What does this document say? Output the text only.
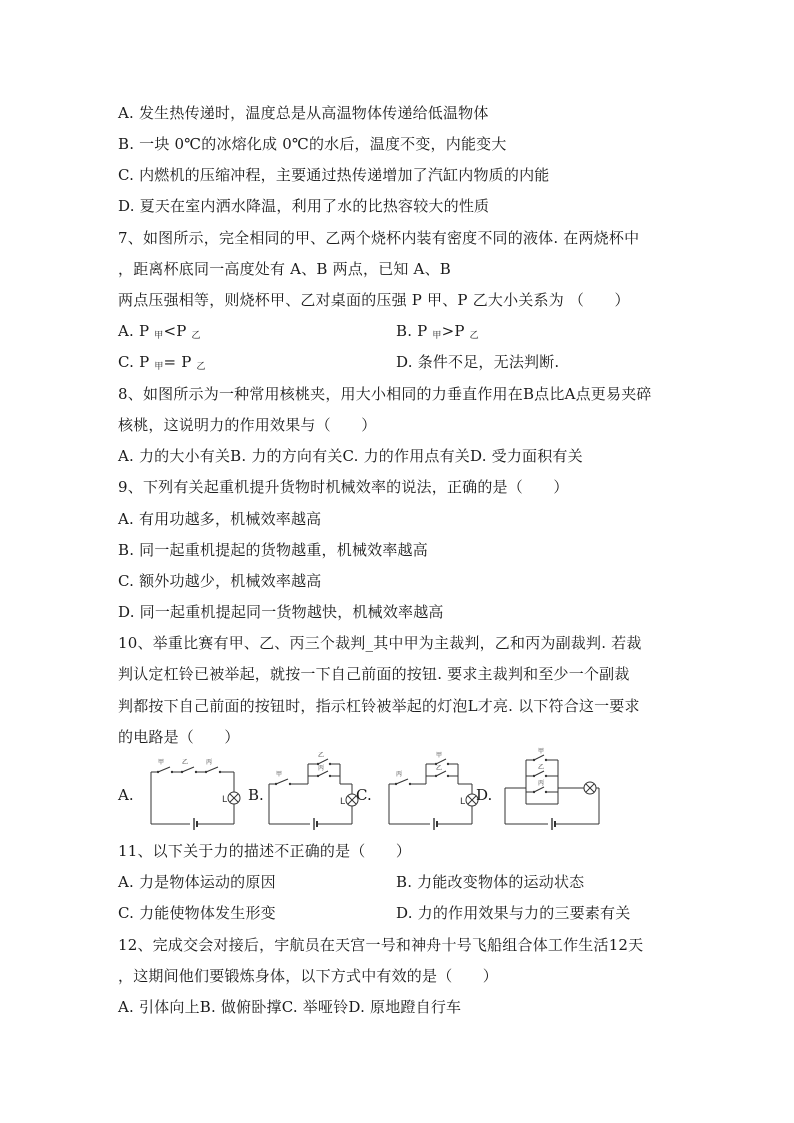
A. 发生热传递时，温度总是从高温物体传递给低温物体
B. 一块 0℃的冰熔化成 0℃的水后，温度不变，内能变大
C. 内燃机的压缩冲程，主要通过热传递增加了汽缸内物质的内能
D. 夏天在室内洒水降温，利用了水的比热容较大的性质
7、如图所示，完全相同的甲、乙两个烧杯内装有密度不同的液体. 在两烧杯中
，距离杯底同一高度处有 A、B 两点，已知 A、B
两点压强相等，则烧杯甲、乙对桌面的压强 P 甲、P 乙大小关系为 （　　）
A. P $_甲$<P $_乙$	B. P $_甲$>P $_乙$
C. P $_甲$= P $_乙$	D. 条件不足，无法判断.
8、如图所示为一种常用核桃夹，用大小相同的力垂直作用在B点比A点更易夹碎
核桃，这说明力的作用效果与（　　）
A. 力的大小有关B. 力的方向有关C. 力的作用点有关D. 受力面积有关
9、下列有关起重机提升货物时机械效率的说法，正确的是（　　）
A. 有用功越多，机械效率越高
B. 同一起重机提起的货物越重，机械效率越高
C. 额外功越少，机械效率越高
D. 同一起重机提起同一货物越快，机械效率越高
10、举重比赛有甲、乙、丙三个裁判_其中甲为主裁判，乙和丙为副裁判. 若裁
判认定杠铃已被举起，就按一下自己前面的按钮. 要求主裁判和至少一个副裁
判都按下自己前面的按钮时，指示杠铃被举起的灯泡L才亮. 以下符合这一要求
的电路是（　　）
A.
甲	乙	丙
L B.
甲
乙
丙
L C.
丙
甲
乙
L D.
甲
乙
丙
11、以下关于力的描述不正确的是（　　）
A. 力是物体运动的原因	B. 力能改变物体的运动状态
C. 力能使物体发生形变	D. 力的作用效果与力的三要素有关
12、完成交会对接后，宇航员在天宫一号和神舟十号飞船组合体工作生活12天
，这期间他们要锻炼身体，以下方式中有效的是（　　）
A. 引体向上B. 做俯卧撑C. 举哑铃D. 原地蹬自行车
